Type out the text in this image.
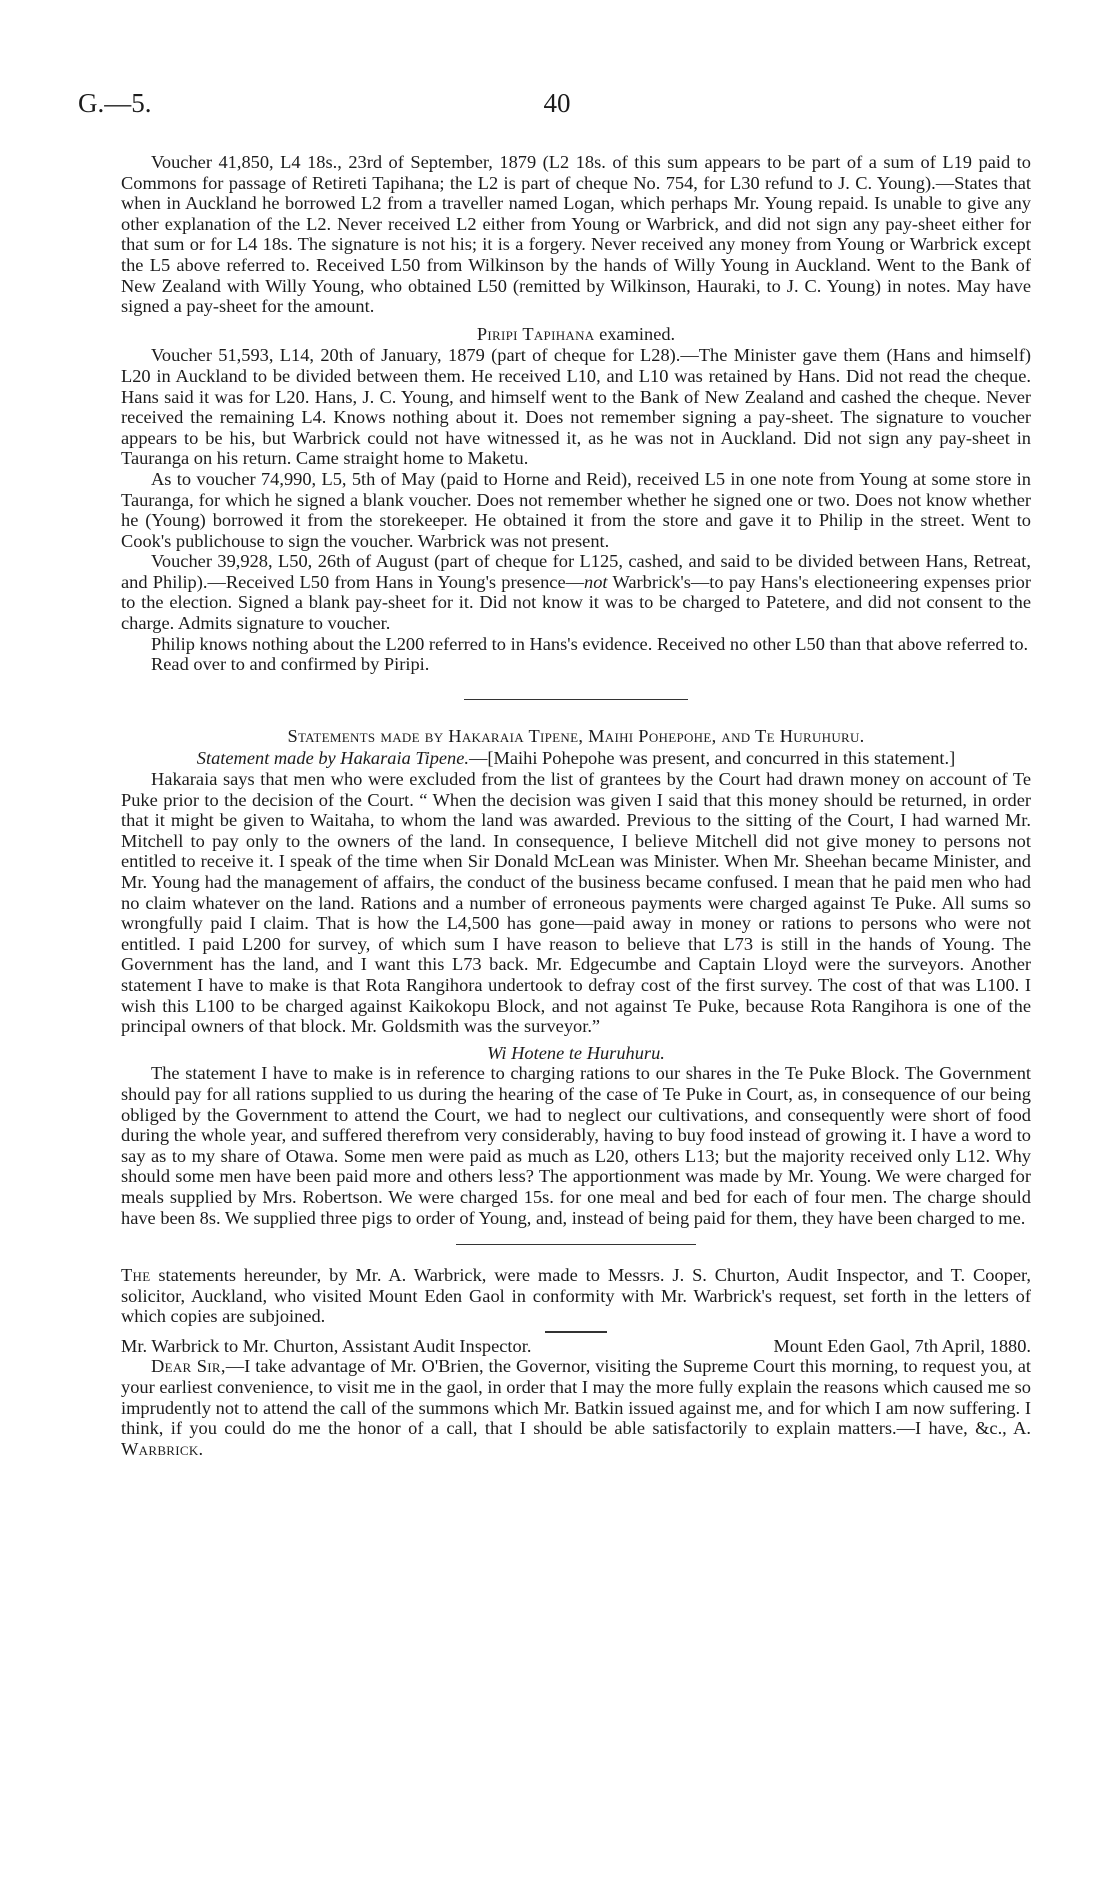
G.—5.	40

Voucher 41,850, L4 18s., 23rd of September, 1879 (L2 18s. of this sum appears to be part of a sum of L19 paid to Commons for passage of Retireti Tapihana; the L2 is part of cheque No. 754, for L30 refund to J. C. Young).—States that when in Auckland he borrowed L2 from a traveller named Logan, which perhaps Mr. Young repaid. Is unable to give any other explanation of the L2. Never received L2 either from Young or Warbrick, and did not sign any pay-sheet either for that sum or for L4 18s. The signature is not his; it is a forgery. Never received any money from Young or Warbrick except the L5 above referred to. Received L50 from Wilkinson by the hands of Willy Young in Auckland. Went to the Bank of New Zealand with Willy Young, who obtained L50 (remitted by Wilkinson, Hauraki, to J. C. Young) in notes. May have signed a pay-sheet for the amount.

Piripi Tapihana examined.

Voucher 51,593, L14, 20th of January, 1879 (part of cheque for L28).—The Minister gave them (Hans and himself) L20 in Auckland to be divided between them. He received L10, and L10 was retained by Hans. Did not read the cheque. Hans said it was for L20. Hans, J. C. Young, and himself went to the Bank of New Zealand and cashed the cheque. Never received the remaining L4. Knows nothing about it. Does not remember signing a pay-sheet. The signature to voucher appears to be his, but Warbrick could not have witnessed it, as he was not in Auckland. Did not sign any pay-sheet in Tauranga on his return. Came straight home to Maketu.

As to voucher 74,990, L5, 5th of May (paid to Horne and Reid), received L5 in one note from Young at some store in Tauranga, for which he signed a blank voucher. Does not remember whether he signed one or two. Does not know whether he (Young) borrowed it from the storekeeper. He obtained it from the store and gave it to Philip in the street. Went to Cook's publichouse to sign the voucher. Warbrick was not present.

Voucher 39,928, L50, 26th of August (part of cheque for L125, cashed, and said to be divided between Hans, Retreat, and Philip).—Received L50 from Hans in Young's presence—not Warbrick's—to pay Hans's electioneering expenses prior to the election. Signed a blank pay-sheet for it. Did not know it was to be charged to Patetere, and did not consent to the charge. Admits signature to voucher.

Philip knows nothing about the L200 referred to in Hans's evidence. Received no other L50 than that above referred to.

Read over to and confirmed by Piripi.

Statements made by Hakaraia Tipene, Maihi Pohepohe, and Te Huruhuru.

Statement made by Hakaraia Tipene.—[Maihi Pohepohe was present, and concurred in this statement.]

Hakaraia says that men who were excluded from the list of grantees by the Court had drawn money on account of Te Puke prior to the decision of the Court. “ When the decision was given I said that this money should be returned, in order that it might be given to Waitaha, to whom the land was awarded. Previous to the sitting of the Court, I had warned Mr. Mitchell to pay only to the owners of the land. In consequence, I believe Mitchell did not give money to persons not entitled to receive it. I speak of the time when Sir Donald McLean was Minister. When Mr. Sheehan became Minister, and Mr. Young had the management of affairs, the conduct of the business became confused. I mean that he paid men who had no claim whatever on the land. Rations and a number of erroneous payments were charged against Te Puke. All sums so wrongfully paid I claim. That is how the L4,500 has gone—paid away in money or rations to persons who were not entitled. I paid L200 for survey, of which sum I have reason to believe that L73 is still in the hands of Young. The Government has the land, and I want this L73 back. Mr. Edgecumbe and Captain Lloyd were the surveyors. Another statement I have to make is that Rota Rangihora undertook to defray cost of the first survey. The cost of that was L100. I wish this L100 to be charged against Kaikokopu Block, and not against Te Puke, because Rota Rangihora is one of the principal owners of that block. Mr. Goldsmith was the surveyor.”

Wi Hotene te Huruhuru.

The statement I have to make is in reference to charging rations to our shares in the Te Puke Block. The Government should pay for all rations supplied to us during the hearing of the case of Te Puke in Court, as, in consequence of our being obliged by the Government to attend the Court, we had to neglect our cultivations, and consequently were short of food during the whole year, and suffered therefrom very considerably, having to buy food instead of growing it. I have a word to say as to my share of Otawa. Some men were paid as much as L20, others L13; but the majority received only L12. Why should some men have been paid more and others less? The apportionment was made by Mr. Young. We were charged for meals supplied by Mrs. Robertson. We were charged 15s. for one meal and bed for each of four men. The charge should have been 8s. We supplied three pigs to order of Young, and, instead of being paid for them, they have been charged to me.

The statements hereunder, by Mr. A. Warbrick, were made to Messrs. J. S. Churton, Audit Inspector, and T. Cooper, solicitor, Auckland, who visited Mount Eden Gaol in conformity with Mr. Warbrick's request, set forth in the letters of which copies are subjoined.

Mr. Warbrick to Mr. Churton, Assistant Audit Inspector.	Mount Eden Gaol, 7th April, 1880.

Dear Sir,—I take advantage of Mr. O'Brien, the Governor, visiting the Supreme Court this morning, to request you, at your earliest convenience, to visit me in the gaol, in order that I may the more fully explain the reasons which caused me so imprudently not to attend the call of the summons which Mr. Batkin issued against me, and for which I am now suffering. I think, if you could do me the honor of a call, that I should be able satisfactorily to explain matters.—I have, &c., A. Warbrick.
